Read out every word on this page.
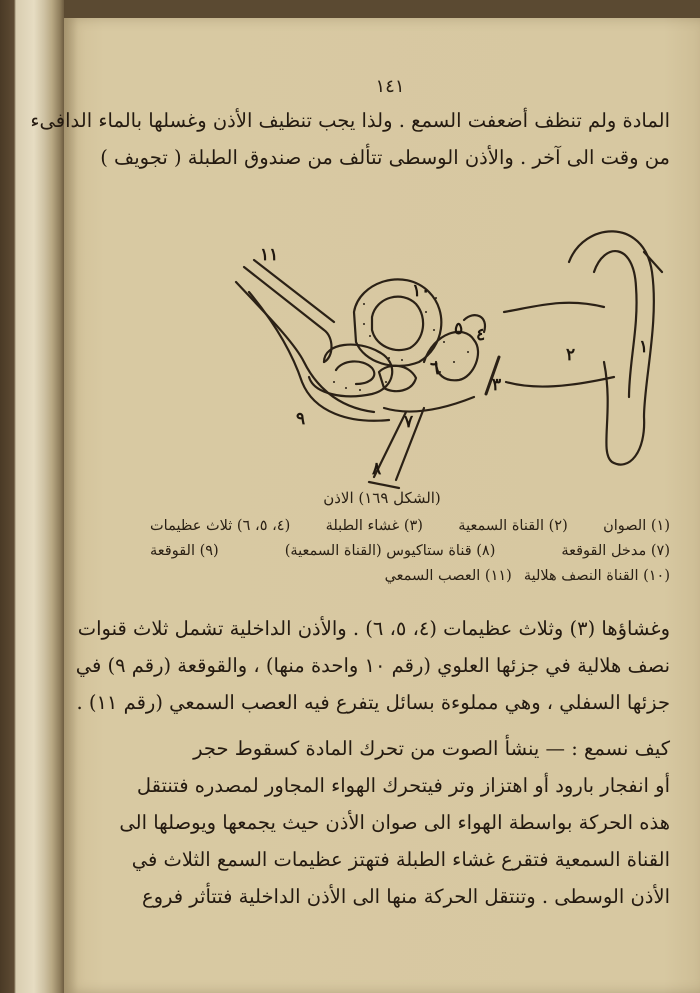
١٤١
المادة ولم تنظف أضعفت السمع . ولذا يجب تنظيف الأذن وغسلها بالماء الدافىء
من وقت الى آخر . والأذن الوسطى تتألف من صندوق الطبلة ( تجويف )
١
٢
٣
٤
٥
٦
٧
٨
٩
١٠
١١
(الشكل ١٦٩) الاذن
(١) الصوان
(٢) القناة السمعية
(٣) غشاء الطبلة
(٤، ٥، ٦) ثلاث عظيمات
(٧) مدخل القوقعة
(٨) قناة ستاكيوس (القناة السمعية)
(٩) القوقعة
(١٠) القناة النصف هلالية
(١١) العصب السمعي
وغشاؤها (٣) وثلاث عظيمات (٤، ٥، ٦) . والأذن الداخلية تشمل ثلاث قنوات
نصف هلالية في جزئها العلوي (رقم ١٠ واحدة منها) ، والقوقعة (رقم ٩) في
جزئها السفلي ، وهي مملوءة بسائل يتفرع فيه العصب السمعي (رقم ١١) .
كيف نسمع : — ينشأ الصوت من تحرك المادة كسقوط حجر
أو انفجار بارود أو اهتزاز وتر فيتحرك الهواء المجاور لمصدره فتنتقل
هذه الحركة بواسطة الهواء الى صوان الأذن حيث يجمعها ويوصلها الى
القناة السمعية فتقرع غشاء الطبلة فتهتز عظيمات السمع الثلاث في
الأذن الوسطى . وتنتقل الحركة منها الى الأذن الداخلية فتتأثر فروع
